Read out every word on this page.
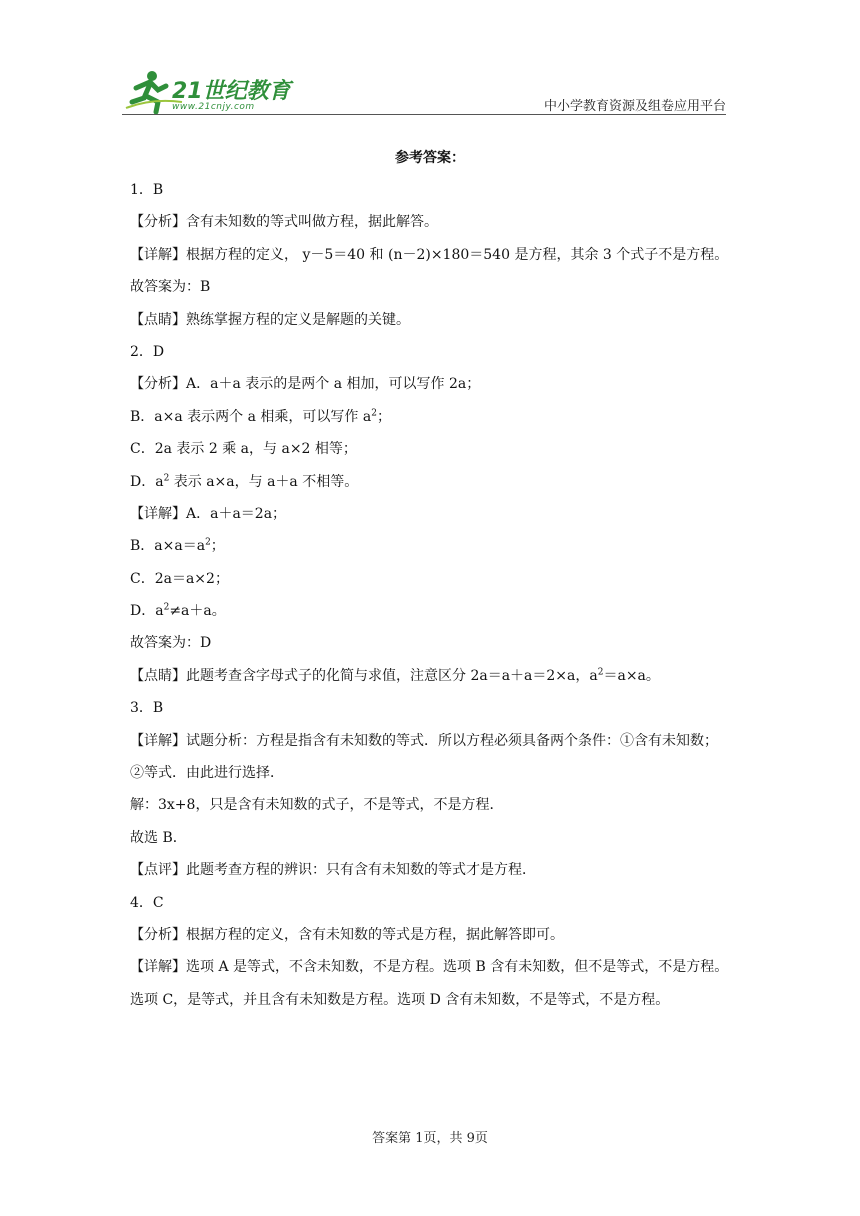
21世纪教育
www.21cnjy.com	中小学教育资源及组卷应用平台
参考答案：
1．B
【分析】含有未知数的等式叫做方程，据此解答。
【详解】根据方程的定义， y－5＝40 和 (n－2)×180＝540 是方程，其余 3 个式子不是方程。
故答案为：B
【点睛】熟练掌握方程的定义是解题的关键。
2．D
【分析】A．a＋a 表示的是两个 a 相加，可以写作 2a；
B．a×a 表示两个 a 相乘，可以写作 $a^2$；
C．2a 表示 2 乘 a，与 a×2 相等；
D．$a^2$ 表示 a×a，与 a＋a 不相等。
【详解】A．a＋a＝2a；
B．$a\times a=a^2$；
C．2a＝a×2；
D．$a^2\ne a+a$。
故答案为：D
【点睛】此题考查含字母式子的化简与求值，注意区分 2a＝a＋a＝2×a，$a^2=a\times a$。
3．B
【详解】试题分析：方程是指含有未知数的等式．所以方程必须具备两个条件：①含有未知数；②等式．由此进行选择．
解：3x+8，只是含有未知数的式子，不是等式，不是方程．
故选 B．
【点评】此题考查方程的辨识：只有含有未知数的等式才是方程．
4．C
【分析】根据方程的定义，含有未知数的等式是方程，据此解答即可。
【详解】选项 A 是等式，不含未知数，不是方程。选项 B 含有未知数，但不是等式，不是方程。选项 C，是等式，并且含有未知数是方程。选项 D 含有未知数，不是等式，不是方程。
答案第 1页，共 9页
